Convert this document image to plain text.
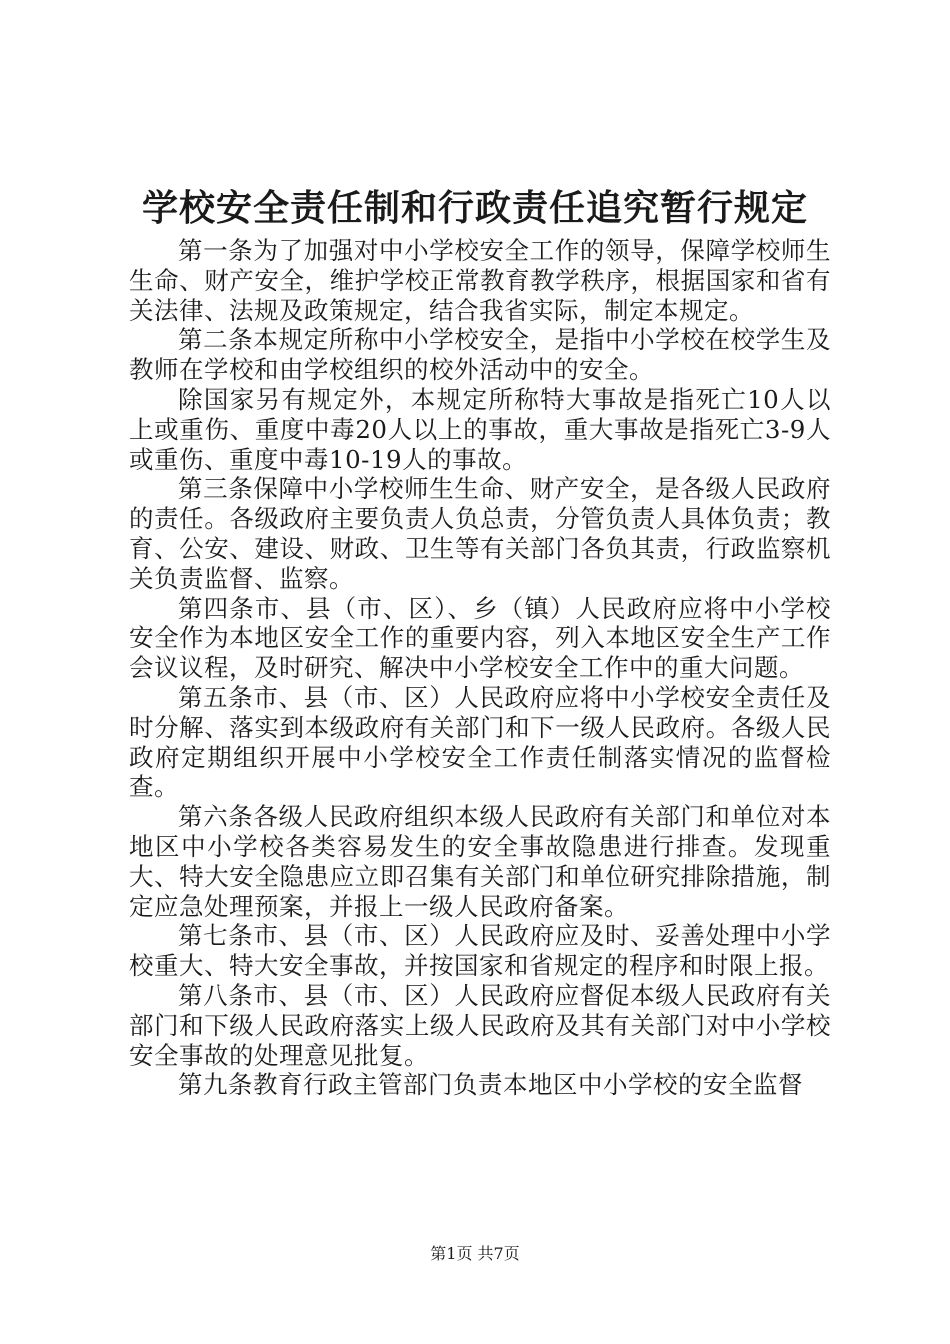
学校安全责任制和行政责任追究暂行规定

第一条为了加强对中小学校安全工作的领导，保障学校师生生命、财产安全，维护学校正常教育教学秩序，根据国家和省有关法律、法规及政策规定，结合我省实际，制定本规定。

第二条本规定所称中小学校安全，是指中小学校在校学生及教师在学校和由学校组织的校外活动中的安全。

除国家另有规定外，本规定所称特大事故是指死亡10人以上或重伤、重度中毒20人以上的事故，重大事故是指死亡3-9人或重伤、重度中毒10-19人的事故。

第三条保障中小学校师生生命、财产安全，是各级人民政府的责任。各级政府主要负责人负总责，分管负责人具体负责；教育、公安、建设、财政、卫生等有关部门各负其责，行政监察机关负责监督、监察。

第四条市、县（市、区）、乡（镇）人民政府应将中小学校安全作为本地区安全工作的重要内容，列入本地区安全生产工作会议议程，及时研究、解决中小学校安全工作中的重大问题。

第五条市、县（市、区）人民政府应将中小学校安全责任及时分解、落实到本级政府有关部门和下一级人民政府。各级人民政府定期组织开展中小学校安全工作责任制落实情况的监督检查。

第六条各级人民政府组织本级人民政府有关部门和单位对本地区中小学校各类容易发生的安全事故隐患进行排查。发现重大、特大安全隐患应立即召集有关部门和单位研究排除措施，制定应急处理预案，并报上一级人民政府备案。

第七条市、县（市、区）人民政府应及时、妥善处理中小学校重大、特大安全事故，并按国家和省规定的程序和时限上报。

第八条市、县（市、区）人民政府应督促本级人民政府有关部门和下级人民政府落实上级人民政府及其有关部门对中小学校安全事故的处理意见批复。

第九条教育行政主管部门负责本地区中小学校的安全监督

第1页 共7页
